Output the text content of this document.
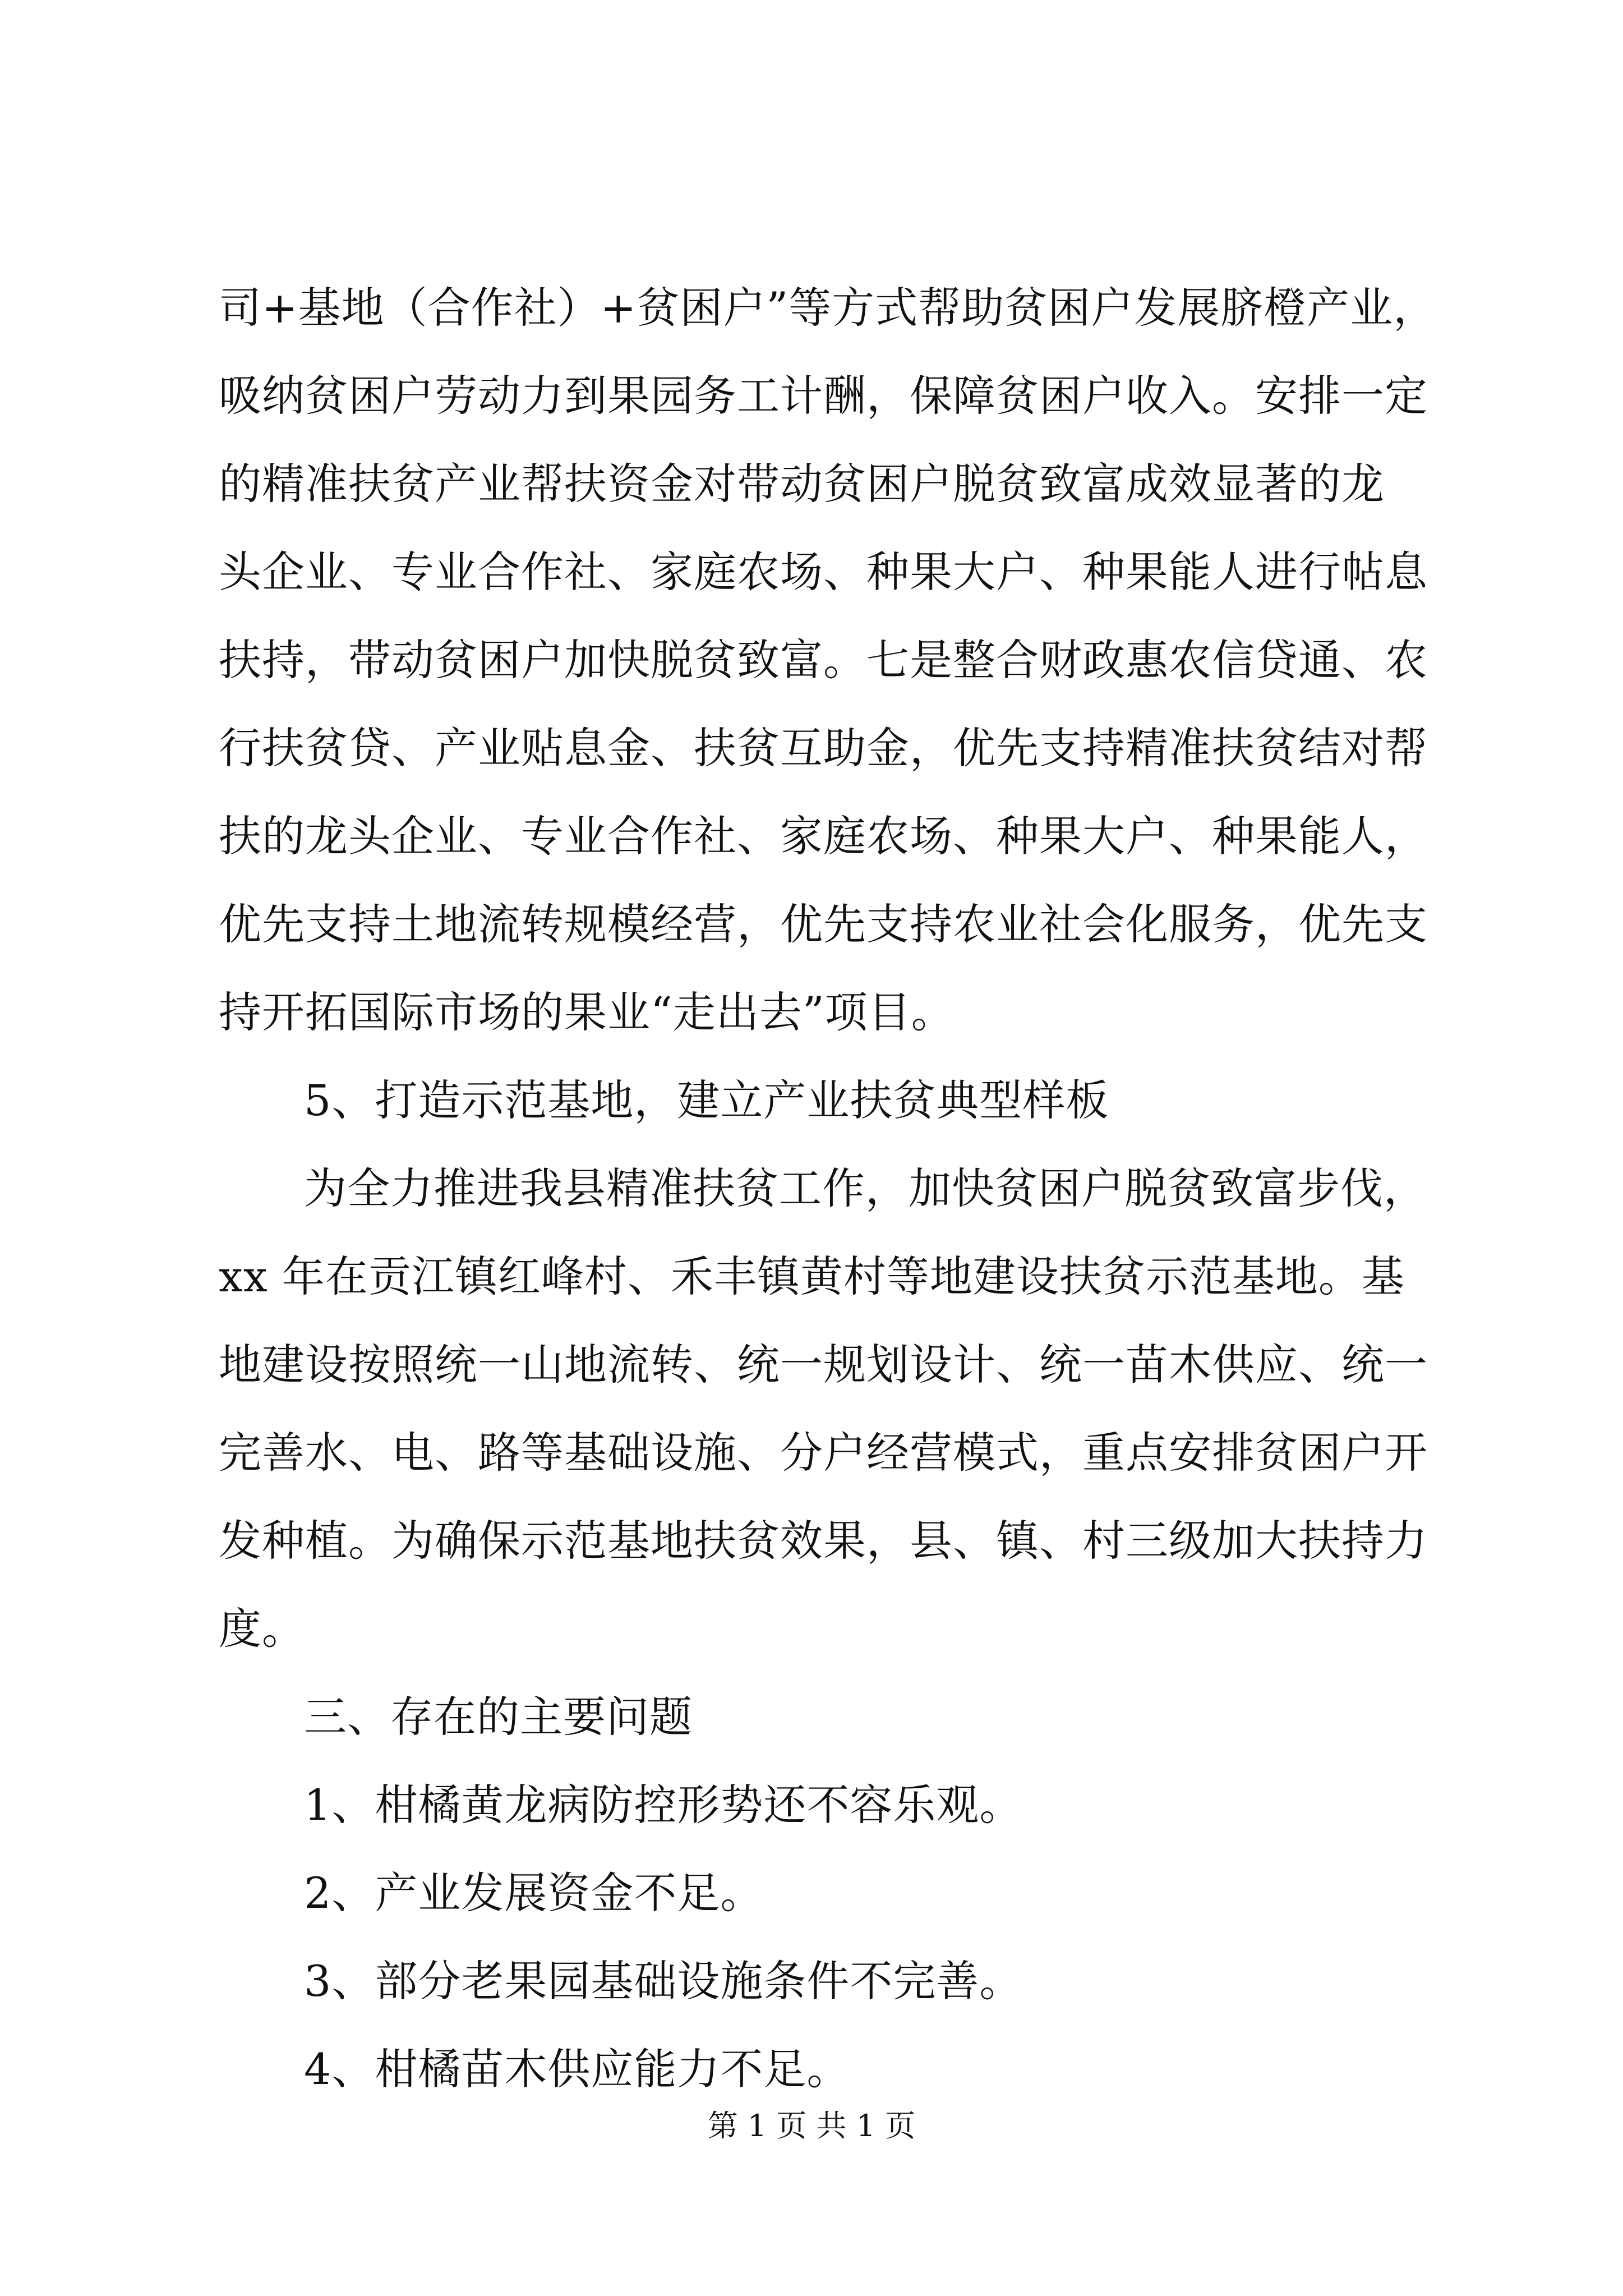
司+基地（合作社）+贫困户”等方式帮助贫困户发展脐橙产业，
吸纳贫困户劳动力到果园务工计酬，保障贫困户收入。安排一定
的精准扶贫产业帮扶资金对带动贫困户脱贫致富成效显著的龙
头企业、专业合作社、家庭农场、种果大户、种果能人进行帖息
扶持，带动贫困户加快脱贫致富。七是整合财政惠农信贷通、农
行扶贫贷、产业贴息金、扶贫互助金，优先支持精准扶贫结对帮
扶的龙头企业、专业合作社、家庭农场、种果大户、种果能人，
优先支持土地流转规模经营，优先支持农业社会化服务，优先支
持开拓国际市场的果业“走出去”项目。
5、打造示范基地，建立产业扶贫典型样板
为全力推进我县精准扶贫工作，加快贫困户脱贫致富步伐，
xx 年在贡江镇红峰村、禾丰镇黄村等地建设扶贫示范基地。基
地建设按照统一山地流转、统一规划设计、统一苗木供应、统一
完善水、电、路等基础设施、分户经营模式，重点安排贫困户开
发种植。为确保示范基地扶贫效果，县、镇、村三级加大扶持力
度。
三、存在的主要问题
1、柑橘黄龙病防控形势还不容乐观。
2、产业发展资金不足。
3、部分老果园基础设施条件不完善。
4、柑橘苗木供应能力不足。
第 1 页 共 1 页
